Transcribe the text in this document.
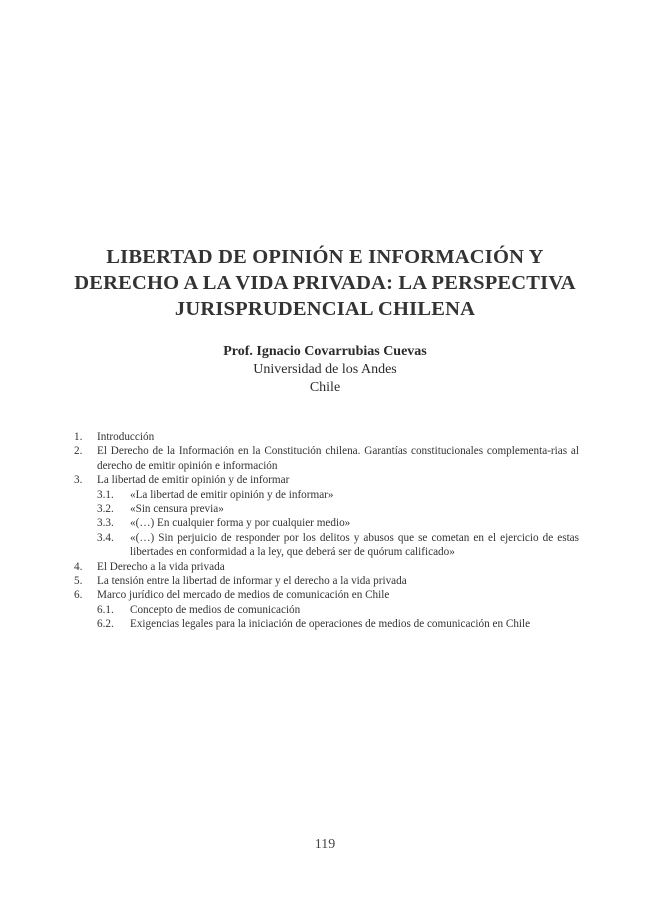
LIBERTAD DE OPINIÓN E INFORMACIÓN Y
DERECHO A LA VIDA PRIVADA: LA PERSPECTIVA
JURISPRUDENCIAL CHILENA
Prof. Ignacio Covarrubias Cuevas
Universidad de los Andes
Chile
1.	Introducción
2.	El Derecho de la Información en la Constitución chilena. Garantías constitucionales complementa-rias al derecho de emitir opinión e información
3.	La libertad de emitir opinión y de informar
3.1.	«La libertad de emitir opinión y de informar»
3.2.	«Sin censura previa»
3.3.	«(…) En cualquier forma y por cualquier medio»
3.4.	«(…) Sin perjuicio de responder por los delitos y abusos que se cometan en el ejercicio de estas libertades en conformidad a la ley, que deberá ser de quórum calificado»
4.	El Derecho a la vida privada
5.	La tensión entre la libertad de informar y el derecho a la vida privada
6.	Marco jurídico del mercado de medios de comunicación en Chile
6.1.	Concepto de medios de comunicación
6.2.	Exigencias legales para la iniciación de operaciones de medios de comunicación en Chile
119
